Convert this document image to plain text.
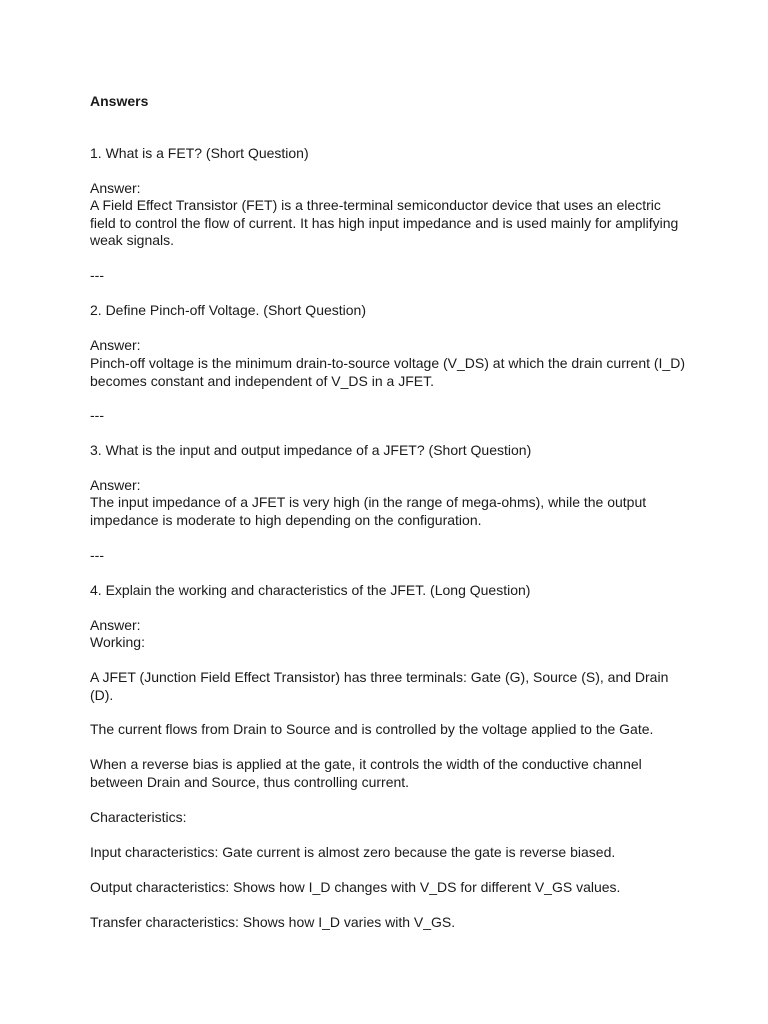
Answers

1. What is a FET? (Short Question)

Answer:

A Field Effect Transistor (FET) is a three-terminal semiconductor device that uses an electric field to control the flow of current. It has high input impedance and is used mainly for amplifying weak signals.

---

2. Define Pinch-off Voltage. (Short Question)

Answer:

Pinch-off voltage is the minimum drain-to-source voltage (V_DS) at which the drain current (I_D) becomes constant and independent of V_DS in a JFET.

---

3. What is the input and output impedance of a JFET? (Short Question)

Answer:

The input impedance of a JFET is very high (in the range of mega-ohms), while the output impedance is moderate to high depending on the configuration.

---

4. Explain the working and characteristics of the JFET. (Long Question)

Answer:

Working:

A JFET (Junction Field Effect Transistor) has three terminals: Gate (G), Source (S), and Drain (D).

The current flows from Drain to Source and is controlled by the voltage applied to the Gate.

When a reverse bias is applied at the gate, it controls the width of the conductive channel between Drain and Source, thus controlling current.

Characteristics:

Input characteristics: Gate current is almost zero because the gate is reverse biased.

Output characteristics: Shows how I_D changes with V_DS for different V_GS values.

Transfer characteristics: Shows how I_D varies with V_GS.
